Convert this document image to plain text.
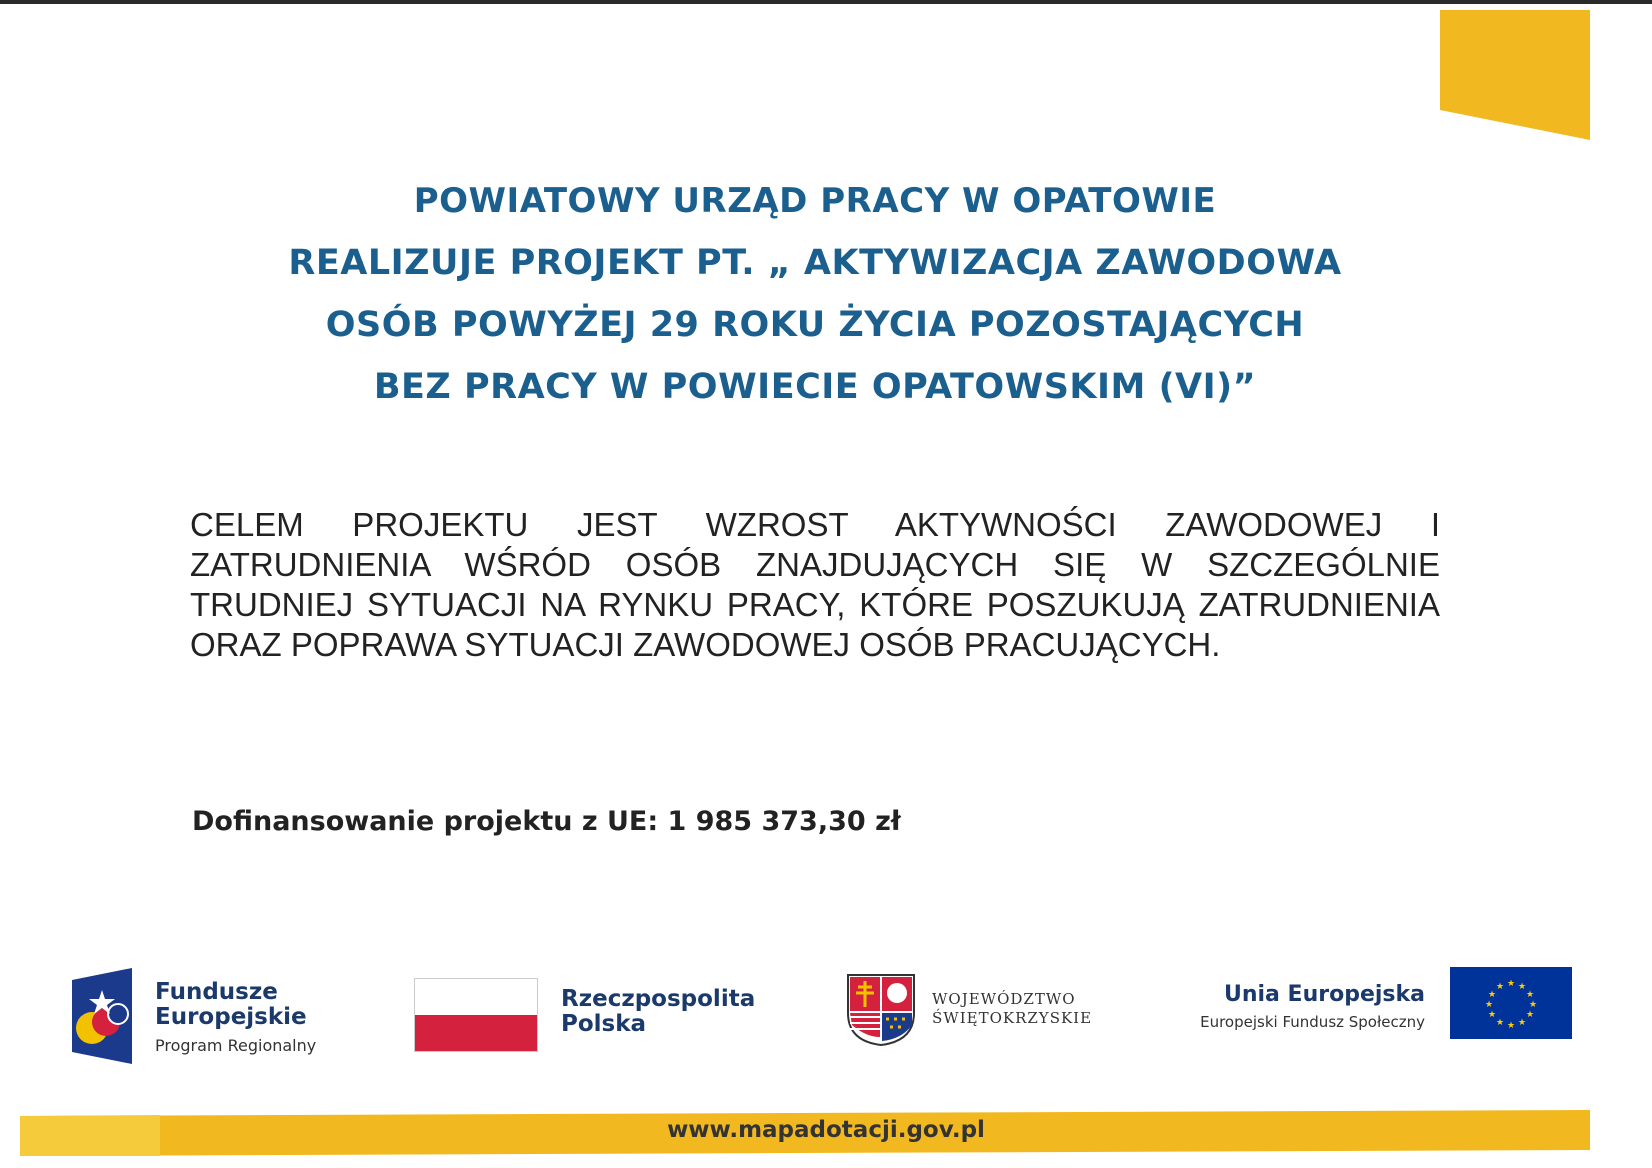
POWIATOWY URZĄD PRACY W OPATOWIE
REALIZUJE PROJEKT PT. „ AKTYWIZACJA ZAWODOWA
OSÓB POWYŻEJ 29 ROKU ŻYCIA POZOSTAJĄCYCH
BEZ PRACY W POWIECIE OPATOWSKIM (VI)”
CELEM PROJEKTU JEST WZROST AKTYWNOŚCI ZAWODOWEJ I ZATRUDNIENIA WŚRÓD OSÓB ZNAJDUJĄCYCH SIĘ W SZCZEGÓLNIE TRUDNIEJ SYTUACJI NA RYNKU PRACY, KTÓRE POSZUKUJĄ ZATRUDNIENIA ORAZ POPRAWA SYTUACJI ZAWODOWEJ OSÓB PRACUJĄCYCH.
Dofinansowanie projektu z UE: 1 985 373,30 zł
Fundusze
Europejskie
Program Regionalny
Rzeczpospolita
Polska
WOJEWÓDZTWO
ŚWIĘTOKRZYSKIE
Unia Europejska
Europejski Fundusz Społeczny
★ ★
★
★
★
★
★
★
★
★
★
★
www.mapadotacji.gov.pl
